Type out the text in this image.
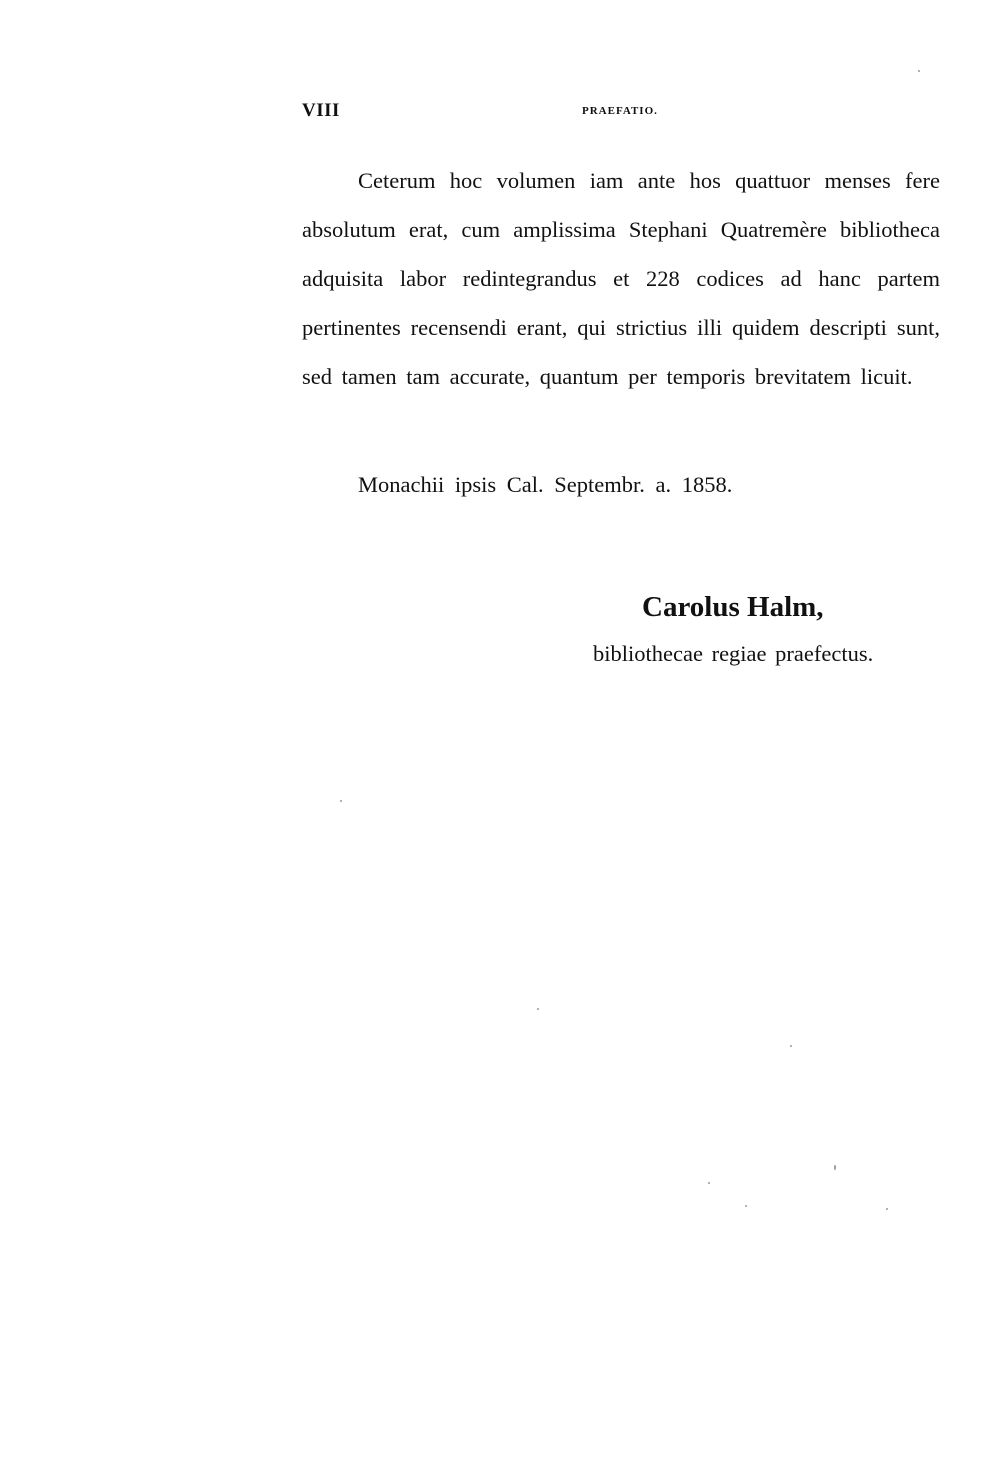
VIII	PRAEFATIO.

Ceterum hoc volumen iam ante hos quattuor menses fere absolutum erat, cum amplissima Stephani Quatremère bibliotheca adquisita labor redintegrandus et 228 codices ad hanc partem pertinentes recensendi erant, qui strictius illi quidem descripti sunt, sed tamen tam accurate, quantum per temporis brevitatem licuit.

Monachii ipsis Cal. Septembr. a. 1858.

Carolus Halm,

bibliothecae regiae praefectus.
